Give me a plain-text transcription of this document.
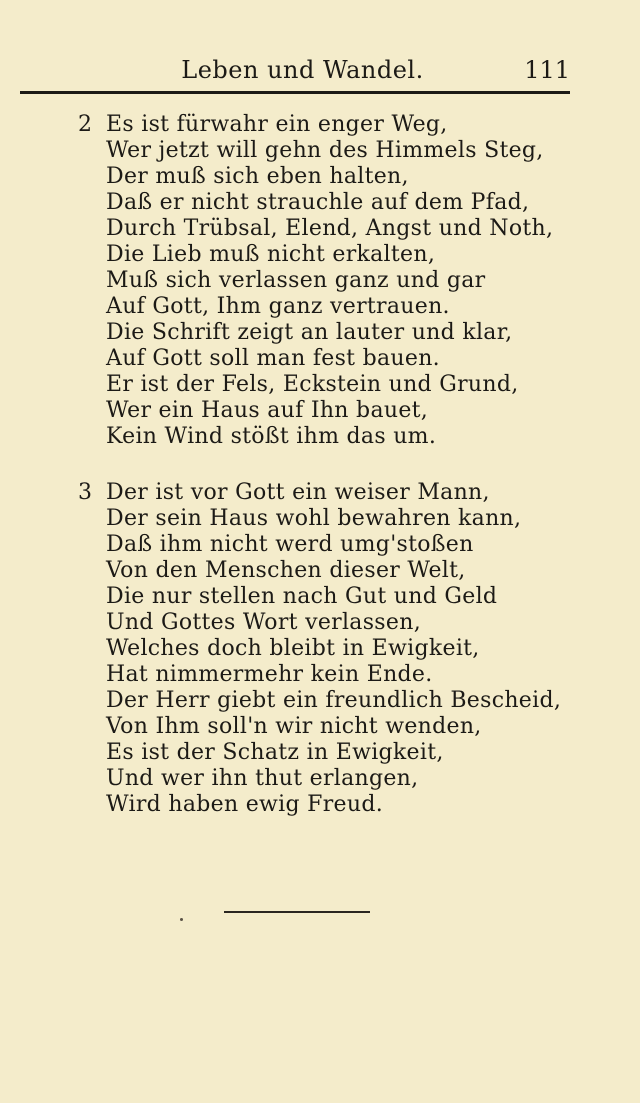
Leben und Wandel.	111
2 Es ist fürwahr ein enger Weg,
Wer jetzt will gehn des Himmels Steg,
Der muß sich eben halten,
Daß er nicht strauchle auf dem Pfad,
Durch Trübsal, Elend, Angst und Noth,
Die Lieb muß nicht erkalten,
Muß sich verlassen ganz und gar
Auf Gott, Ihm ganz vertrauen.
Die Schrift zeigt an lauter und klar,
Auf Gott soll man fest bauen.
Er ist der Fels, Eckstein und Grund,
Wer ein Haus auf Ihn bauet,
Kein Wind stößt ihm das um.
3 Der ist vor Gott ein weiser Mann,
Der sein Haus wohl bewahren kann,
Daß ihm nicht werd umg'stoßen
Von den Menschen dieser Welt,
Die nur stellen nach Gut und Geld
Und Gottes Wort verlassen,
Welches doch bleibt in Ewigkeit,
Hat nimmermehr kein Ende.
Der Herr giebt ein freundlich Bescheid,
Von Ihm soll'n wir nicht wenden,
Es ist der Schatz in Ewigkeit,
Und wer ihn thut erlangen,
Wird haben ewig Freud.
